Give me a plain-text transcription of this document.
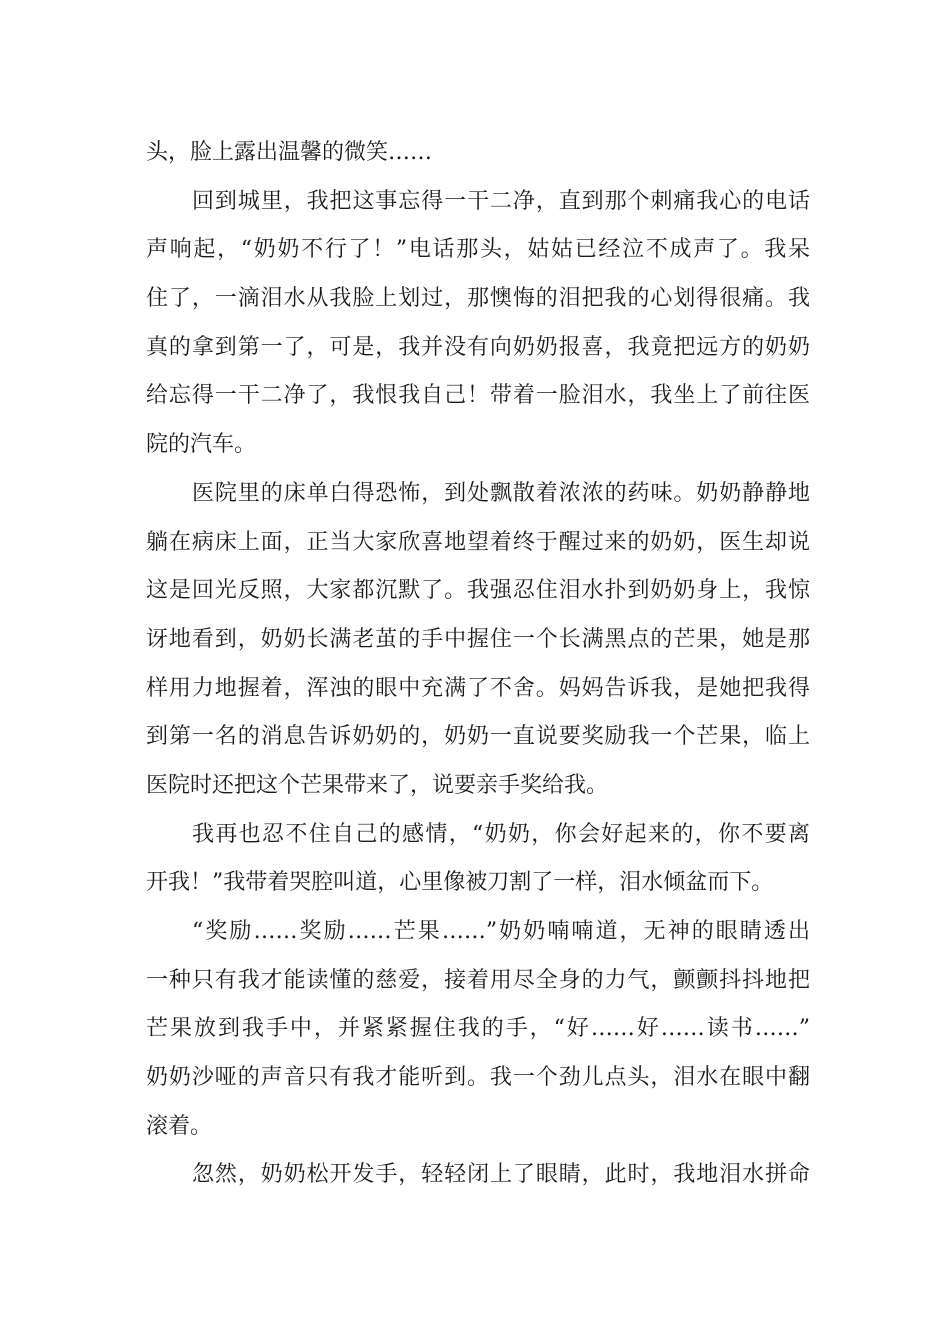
头，脸上露出温馨的微笑……
回到城里，我把这事忘得一干二净，直到那个刺痛我心的电话
声响起，“奶奶不行了！”电话那头，姑姑已经泣不成声了。我呆
住了，一滴泪水从我脸上划过，那懊悔的泪把我的心划得很痛。我
真的拿到第一了，可是，我并没有向奶奶报喜，我竟把远方的奶奶
给忘得一干二净了，我恨我自己！带着一脸泪水，我坐上了前往医
院的汽车。
医院里的床单白得恐怖，到处飘散着浓浓的药味。奶奶静静地
躺在病床上面，正当大家欣喜地望着终于醒过来的奶奶，医生却说
这是回光反照，大家都沉默了。我强忍住泪水扑到奶奶身上，我惊
讶地看到，奶奶长满老茧的手中握住一个长满黑点的芒果，她是那
样用力地握着，浑浊的眼中充满了不舍。妈妈告诉我，是她把我得
到第一名的消息告诉奶奶的，奶奶一直说要奖励我一个芒果，临上
医院时还把这个芒果带来了，说要亲手奖给我。
我再也忍不住自己的感情，“奶奶，你会好起来的，你不要离
开我！”我带着哭腔叫道，心里像被刀割了一样，泪水倾盆而下。
“奖励……奖励……芒果……”奶奶喃喃道，无神的眼睛透出
一种只有我才能读懂的慈爱，接着用尽全身的力气，颤颤抖抖地把
芒果放到我手中，并紧紧握住我的手，“好……好……读书……”
奶奶沙哑的声音只有我才能听到。我一个劲儿点头，泪水在眼中翻
滚着。
忽然，奶奶松开发手，轻轻闭上了眼睛，此时，我地泪水拼命
